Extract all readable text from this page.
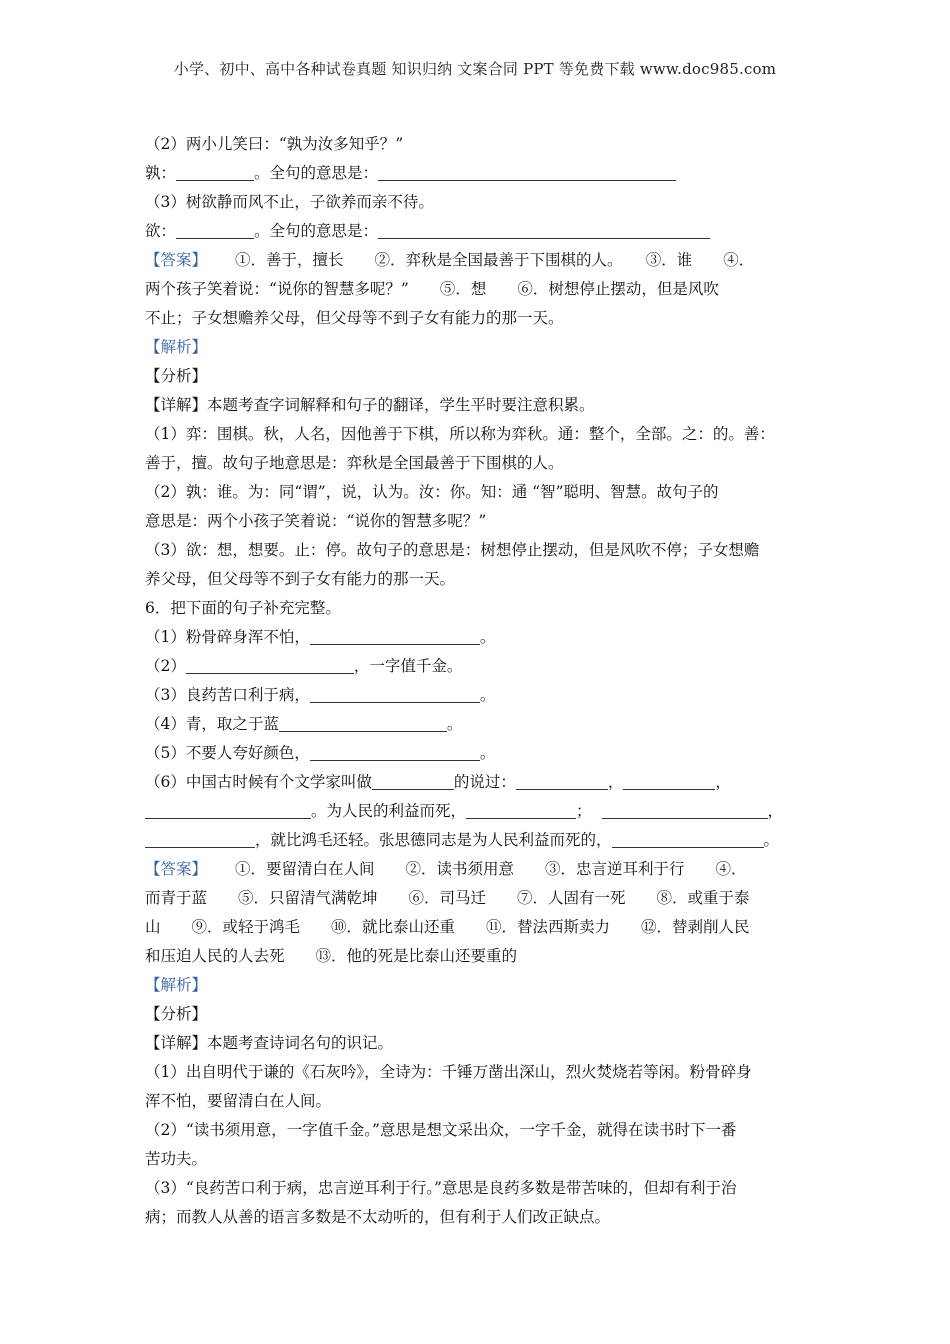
小学、初中、高中各种试卷真题 知识归纳 文案合同 PPT 等免费下载 www.doc985.com
（2）两小儿笑曰：“孰为汝多知乎？”
孰：	。全句的意思是：
（3）树欲静而风不止，子欲养而亲不待。
欲：	。全句的意思是：
【答案】 ①．善于，擅长　　②．弈秋是全国最善于下围棋的人。　　③．谁　　④．
两个孩子笑着说：“说你的智慧多呢？”　　⑤．想　　⑥．树想停止摆动，但是风吹
不止；子女想赡养父母，但父母等不到子女有能力的那一天。
【解析】
【分析】
【详解】本题考查字词解释和句子的翻译，学生平时要注意积累。
（1）弈：围棋。秋，人名，因他善于下棋，所以称为弈秋。通：整个，全部。之：的。善：
善于，擅。故句子地意思是：弈秋是全国最善于下围棋的人。
（2）孰：谁。为：同“谓”，说，认为。汝：你。知：通 “智”聪明、智慧。故句子的
意思是：两个小孩子笑着说：“说你的智慧多呢？”
（3）欲：想，想要。止：停。故句子的意思是：树想停止摆动，但是风吹不停；子女想赡
养父母，但父母等不到子女有能力的那一天。
6．把下面的句子补充完整。
（1）粉骨碎身浑不怕，	。
（2）	，一字值千金。
（3）良药苦口利于病，	。
（4）青，取之于蓝	。
（5）不要人夸好颜色，	。
（6）中国古时候有个文学家叫做	的说过：	，	，
。为人民的利益而死，	；	，
，就比鸿毛还轻。张思德同志是为人民利益而死的，	。
【答案】 ①．要留清白在人间　　②．读书须用意　　③．忠言逆耳利于行　　④．
而青于蓝　　⑤．只留清气满乾坤　　⑥．司马迁　　⑦．人固有一死　　⑧．或重于泰
山　　⑨．或轻于鸿毛　　⑩．就比泰山还重　　⑪．替法西斯卖力　　⑫．替剥削人民
和压迫人民的人去死　　⑬．他的死是比泰山还要重的
【解析】
【分析】
【详解】本题考查诗词名句的识记。
（1）出自明代于谦的《石灰吟》，全诗为：千锤万凿出深山，烈火焚烧若等闲。粉骨碎身
浑不怕，要留清白在人间。
（2）“读书须用意，一字值千金。”意思是想文采出众，一字千金，就得在读书时下一番
苦功夫。
（3）“良药苦口利于病，忠言逆耳利于行。”意思是良药多数是带苦味的，但却有利于治
病；而教人从善的语言多数是不太动听的，但有利于人们改正缺点。
